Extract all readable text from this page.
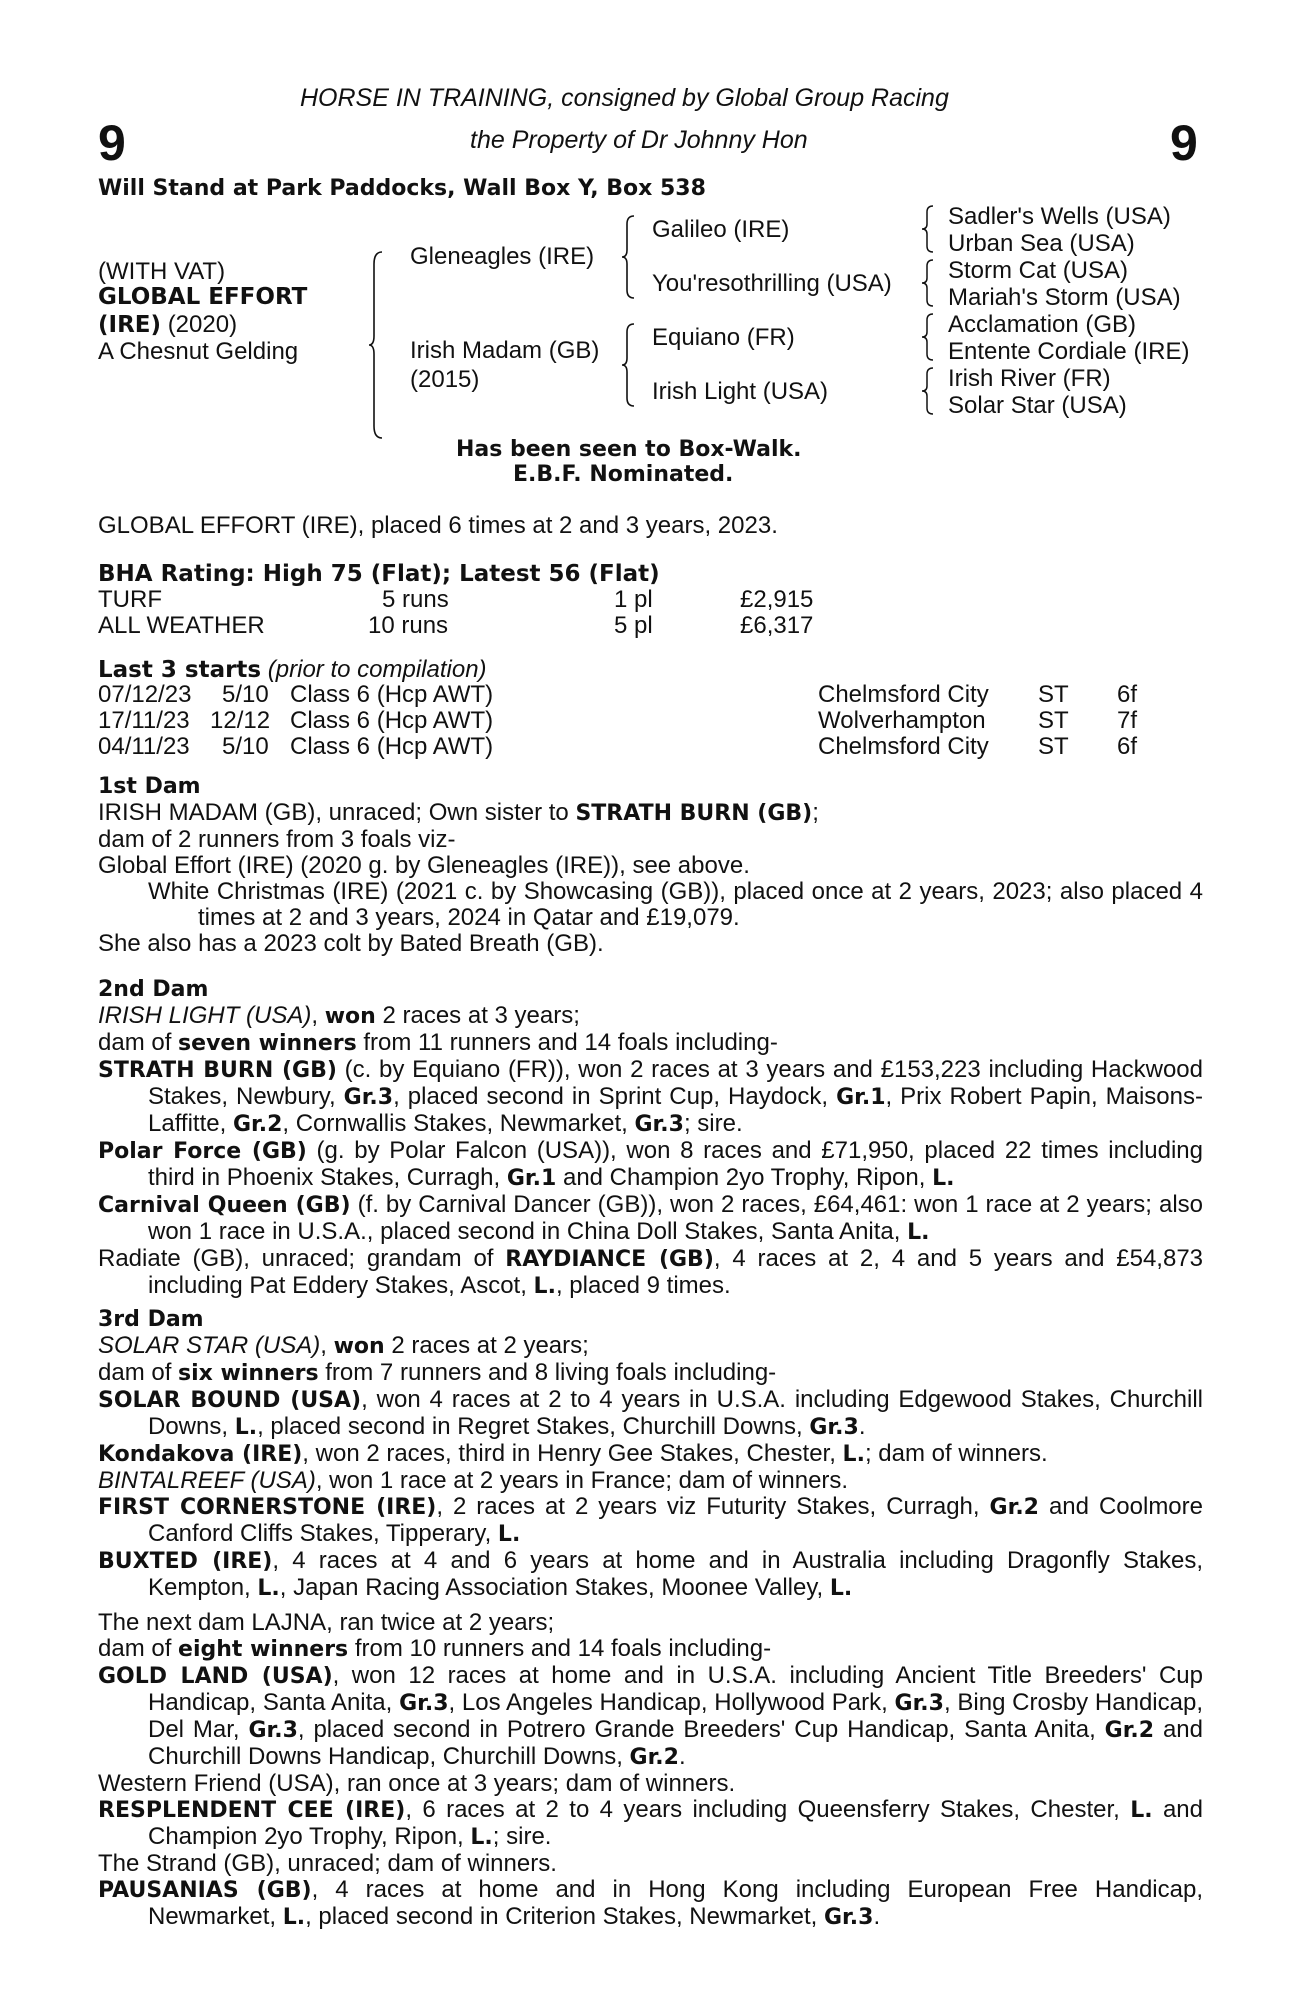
HORSE IN TRAINING, consigned by Global Group Racing
the Property of Dr Johnny Hon
9	9
Will Stand at Park Paddocks, Wall Box Y, Box 538
(WITH VAT)
GLOBAL EFFORT
(IRE) (2020)
A Chesnut Gelding
Gleneagles (IRE)
Irish Madam (GB)
(2015)
Galileo (IRE)
You'resothrilling (USA)
Equiano (FR)
Irish Light (USA)
Sadler's Wells (USA)
Urban Sea (USA)
Storm Cat (USA)
Mariah's Storm (USA)
Acclamation (GB)
Entente Cordiale (IRE)
Irish River (FR)
Solar Star (USA)
Has been seen to Box-Walk.
E.B.F. Nominated.
GLOBAL EFFORT (IRE), placed 6 times at 2 and 3 years, 2023.
BHA Rating: High 75 (Flat); Latest 56 (Flat)
TURF	5 runs	1 pl	£2,915
ALL WEATHER	10 runs	5 pl	£6,317
Last 3 starts (prior to compilation)
07/12/23 5/10 Class 6 (Hcp AWT)	Chelmsford City ST 6f
17/11/23 12/12 Class 6 (Hcp AWT)	Wolverhampton ST 7f
04/11/23 5/10 Class 6 (Hcp AWT)	Chelmsford City ST 6f

1st Dam

IRISH MADAM (GB), unraced; Own sister to STRATH BURN (GB);

dam of 2 runners from 3 foals viz-

Global Effort (IRE) (2020 g. by Gleneagles (IRE)), see above.

White Christmas (IRE) (2021 c. by Showcasing (GB)), placed once at 2 years, 2023; also placed 4 times at 2 and 3 years, 2024 in Qatar and £19,079.

She also has a 2023 colt by Bated Breath (GB).

2nd Dam

IRISH LIGHT (USA), won 2 races at 3 years;

dam of seven winners from 11 runners and 14 foals including-

STRATH BURN (GB) (c. by Equiano (FR)), won 2 races at 3 years and £153,223 including Hackwood Stakes, Newbury, Gr.3, placed second in Sprint Cup, Haydock, Gr.1, Prix Robert Papin, Maisons-Laffitte, Gr.2, Cornwallis Stakes, Newmarket, Gr.3; sire.

Polar Force (GB) (g. by Polar Falcon (USA)), won 8 races and £71,950, placed 22 times including third in Phoenix Stakes, Curragh, Gr.1 and Champion 2yo Trophy, Ripon, L.

Carnival Queen (GB) (f. by Carnival Dancer (GB)), won 2 races, £64,461: won 1 race at 2 years; also won 1 race in U.S.A., placed second in China Doll Stakes, Santa Anita, L.

Radiate (GB), unraced; grandam of RAYDIANCE (GB), 4 races at 2, 4 and 5 years and £54,873 including Pat Eddery Stakes, Ascot, L., placed 9 times.

3rd Dam

SOLAR STAR (USA), won 2 races at 2 years;

dam of six winners from 7 runners and 8 living foals including-

SOLAR BOUND (USA), won 4 races at 2 to 4 years in U.S.A. including Edgewood Stakes, Churchill Downs, L., placed second in Regret Stakes, Churchill Downs, Gr.3.

Kondakova (IRE), won 2 races, third in Henry Gee Stakes, Chester, L.; dam of winners.

BINTALREEF (USA), won 1 race at 2 years in France; dam of winners.

FIRST CORNERSTONE (IRE), 2 races at 2 years viz Futurity Stakes, Curragh, Gr.2 and Coolmore Canford Cliffs Stakes, Tipperary, L.

BUXTED (IRE), 4 races at 4 and 6 years at home and in Australia including Dragonfly Stakes, Kempton, L., Japan Racing Association Stakes, Moonee Valley, L.

The next dam LAJNA, ran twice at 2 years;

dam of eight winners from 10 runners and 14 foals including-

GOLD LAND (USA), won 12 races at home and in U.S.A. including Ancient Title Breeders' Cup Handicap, Santa Anita, Gr.3, Los Angeles Handicap, Hollywood Park, Gr.3, Bing Crosby Handicap, Del Mar, Gr.3, placed second in Potrero Grande Breeders' Cup Handicap, Santa Anita, Gr.2 and Churchill Downs Handicap, Churchill Downs, Gr.2.

Western Friend (USA), ran once at 3 years; dam of winners.

RESPLENDENT CEE (IRE), 6 races at 2 to 4 years including Queensferry Stakes, Chester, L. and Champion 2yo Trophy, Ripon, L.; sire.

The Strand (GB), unraced; dam of winners.

PAUSANIAS (GB), 4 races at home and in Hong Kong including European Free Handicap, Newmarket, L., placed second in Criterion Stakes, Newmarket, Gr.3.
